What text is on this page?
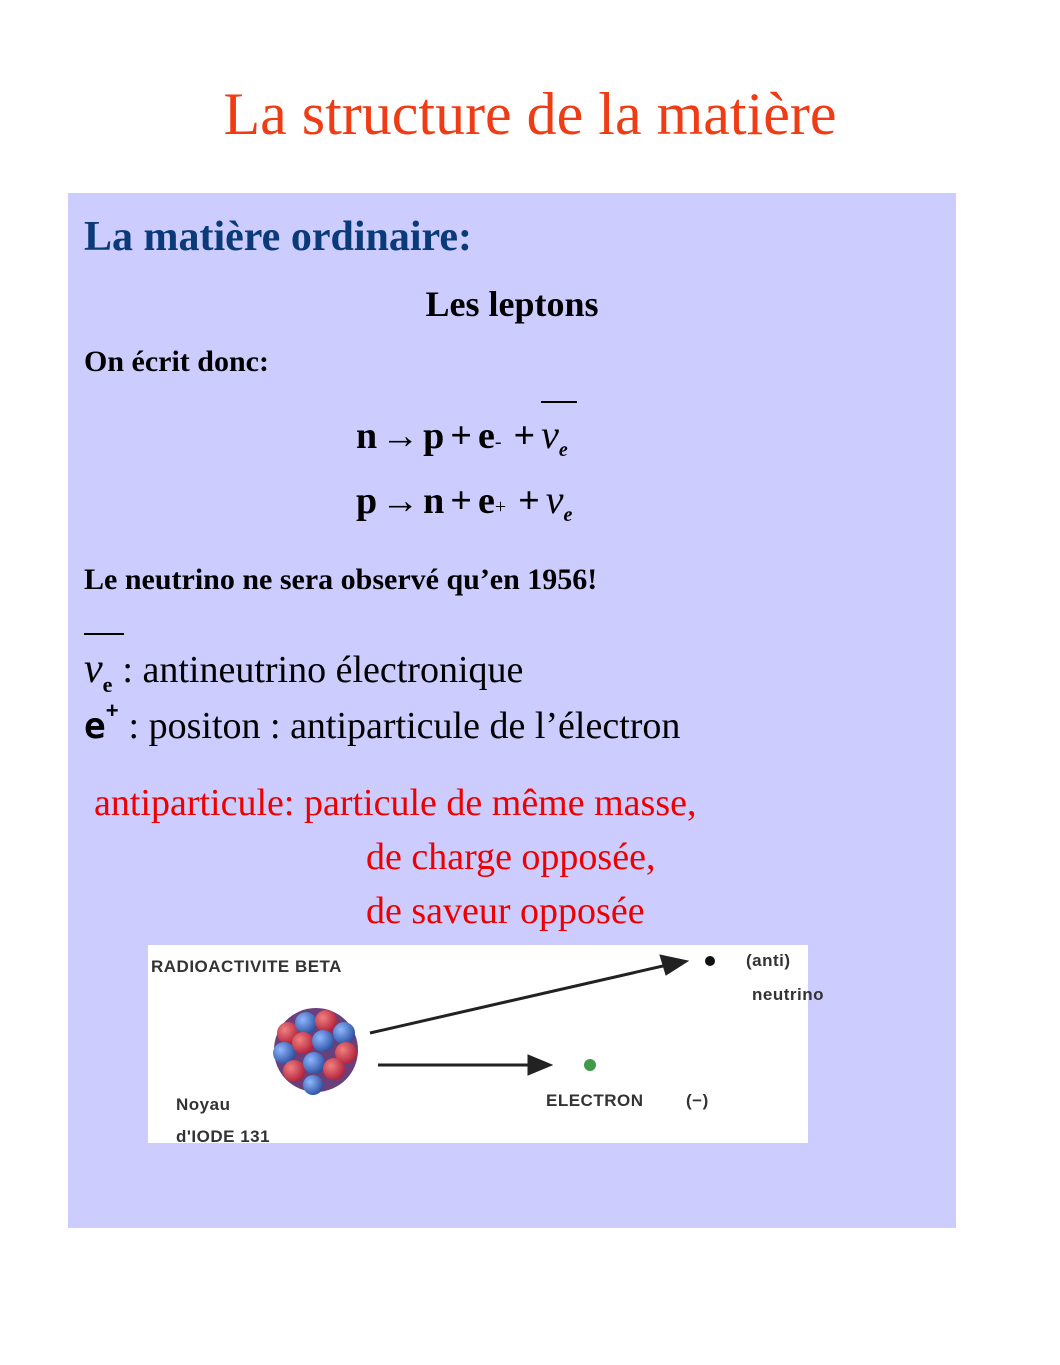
La structure de la matière
La matière ordinaire:
Les leptons
On écrit donc:
n → p + e - + $\nu_e$
p → n + e + + $\nu_e$
Le neutrino ne sera observé qu’en 1956!
$\nu_e$ : antineutrino électronique
e+ : positon : antiparticule de l’électron
antiparticule: particule de même masse,
de charge opposée,
de saveur opposée
RADIOACTIVITE BETA	(anti)
neutrino
ELECTRON	(−)
Noyau
d'IODE 131
